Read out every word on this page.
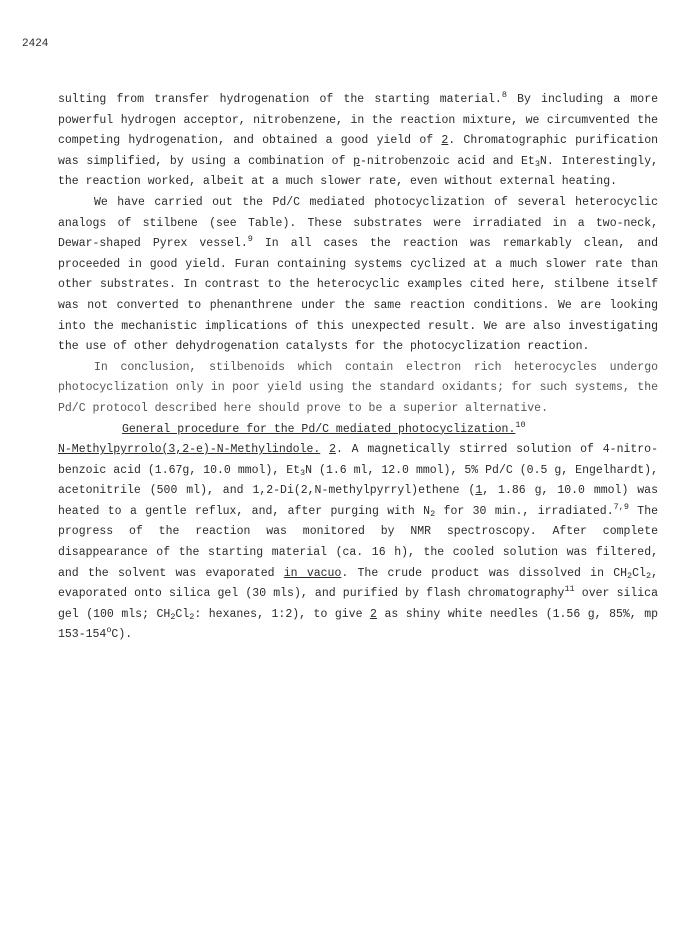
2424

sulting from transfer hydrogenation of the starting material.$^8$ By including a more powerful hydrogen acceptor, nitrobenzene, in the reaction mixture, we circumvented the competing hydrogenation, and obtained a good yield of 2. Chromatographic purification was simplified, by using a combination of p-nitrobenzoic acid and $Et_3N$. Interestingly, the reaction worked, albeit at a much slower rate, even without external heating.

We have carried out the Pd/C mediated photocyclization of several heterocyclic analogs of stilbene (see Table). These substrates were irradiated in a two-neck, Dewar-shaped Pyrex vessel.$^9$ In all cases the reaction was remarkably clean, and proceeded in good yield. Furan containing systems cyclized at a much slower rate than other substrates. In contrast to the heterocyclic examples cited here, stilbene itself was not converted to phenanthrene under the same reaction conditions. We are looking into the mechanistic implications of this unexpected result. We are also investigating the use of other dehydrogenation catalysts for the photocyclization reaction.

In conclusion, stilbenoids which contain electron rich heterocycles undergo photocyclization only in poor yield using the standard oxidants; for such systems, the Pd/C protocol described here should prove to be a superior alternative.

General procedure for the Pd/C mediated photocyclization.$^{10}$

N-Methylpyrrolo(3,2-e)-N-Methylindole. 2. A magnetically stirred solution of 4-nitro-benzoic acid (1.67g, 10.0 mmol), $Et_3N$ (1.6 ml, 12.0 mmol), 5% Pd/C (0.5 g, Engelhardt), acetonitrile (500 ml), and 1,2-Di(2,N-methylpyrryl)ethene (1, 1.86 g, 10.0 mmol) was heated to a gentle reflux, and, after purging with $N_2$ for 30 min., irradiated.$^{7,9}$ The progress of the reaction was monitored by NMR spectroscopy. After complete disappearance of the starting material (ca. 16 h), the cooled solution was filtered, and the solvent was evaporated in vacuo. The crude product was dissolved in $CH_2Cl_2$, evaporated onto silica gel (30 mls), and purified by flash chromatography$^{11}$ over silica gel (100 mls; $CH_2Cl_2$: hexanes, 1:2), to give 2 as shiny white needles (1.56 g, 85%, mp 153-154$^o$C).
